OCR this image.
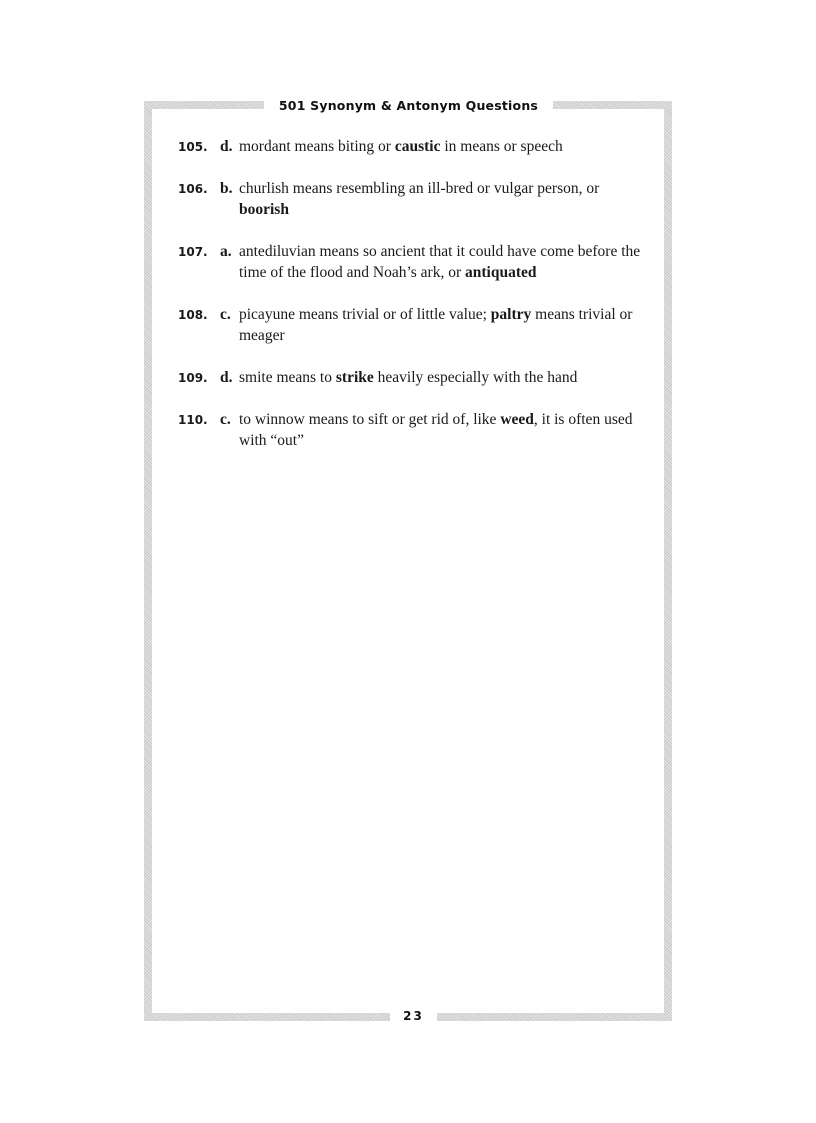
501 Synonym & Antonym Questions
105. d. mordant means biting or caustic in means or speech
106. b. churlish means resembling an ill-bred or vulgar person, or boorish
107. a. antediluvian means so ancient that it could have come before the time of the flood and Noah’s ark, or antiquated
108. c. picayune means trivial or of little value; paltry means trivial or meager
109. d. smite means to strike heavily especially with the hand
110. c. to winnow means to sift or get rid of, like weed, it is often used with “out”
23
